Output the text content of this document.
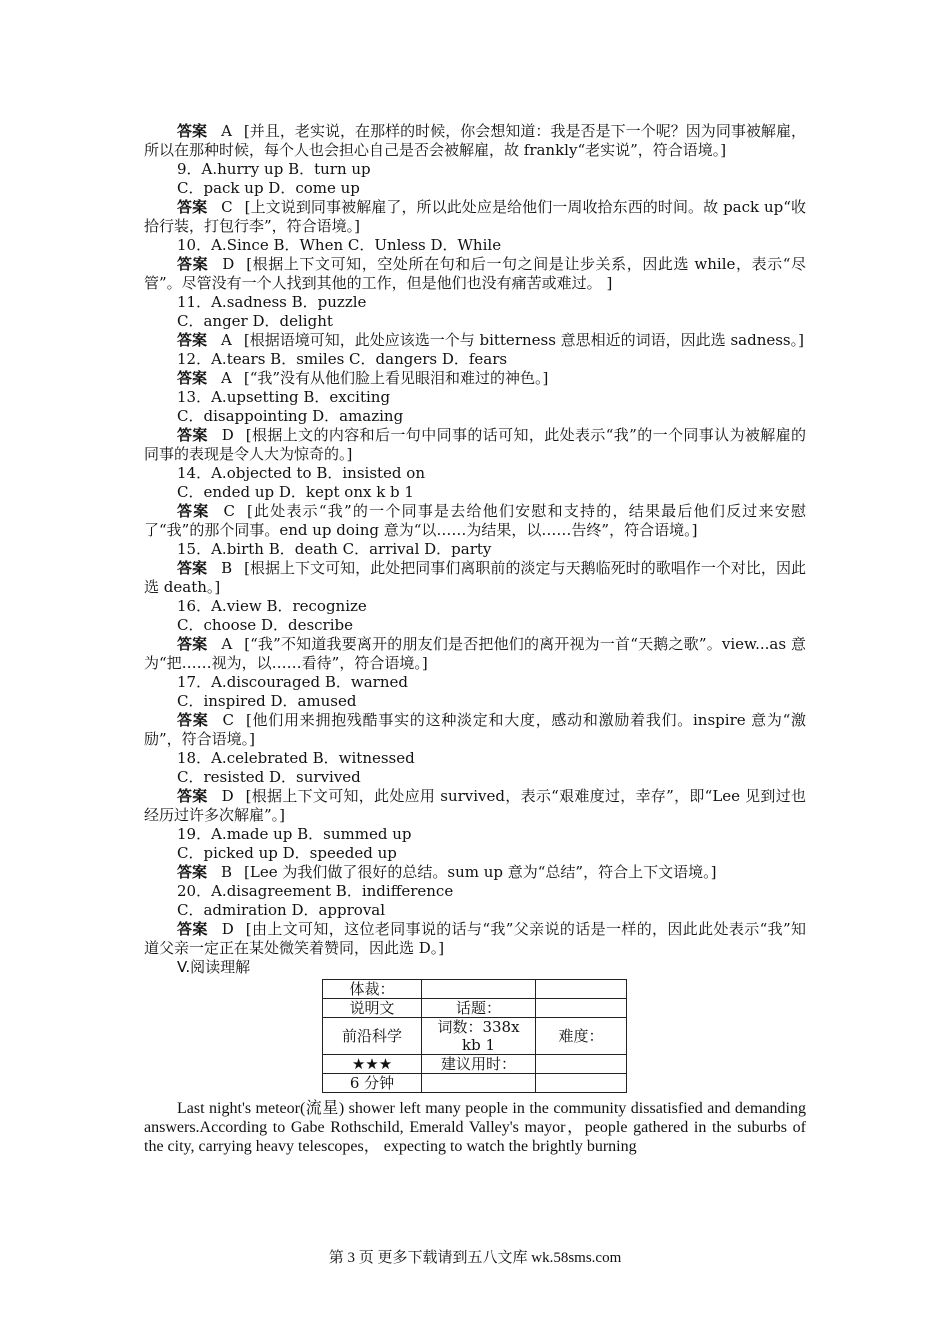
答案 A [并且，老实说，在那样的时候，你会想知道：我是否是下一个呢？因为同事被解雇，所以在那种时候，每个人也会担心自己是否会被解雇，故 frankly“老实说”，符合语境。]

9．A.hurry up B．turn up

C．pack up D．come up

答案 C [上文说到同事被解雇了，所以此处应是给他们一周收拾东西的时间。故 pack up“收拾行装，打包行李”，符合语境。]

10．A.Since B．When C．Unless D．While

答案 D [根据上下文可知，空处所在句和后一句之间是让步关系，因此选 while，表示“尽管”。尽管没有一个人找到其他的工作，但是他们也没有痛苦或难过。 ]

11．A.sadness B．puzzle

C．anger D．delight

答案 A [根据语境可知，此处应该选一个与 bitterness 意思相近的词语，因此选 sadness。]

12．A.tears B．smiles C．dangers D．fears

答案 A [“我”没有从他们脸上看见眼泪和难过的神色。]

13．A.upsetting B．exciting

C．disappointing D．amazing

答案 D [根据上文的内容和后一句中同事的话可知，此处表示“我”的一个同事认为被解雇的同事的表现是令人大为惊奇的。]

14．A.objected to B．insisted on

C．ended up D．kept onx k b 1

答案 C [此处表示“我”的一个同事是去给他们安慰和支持的，结果最后他们反过来安慰了“我”的那个同事。end up doing 意为“以……为结果，以……告终”，符合语境。]

15．A.birth B．death C．arrival D．party

答案 B [根据上下文可知，此处把同事们离职前的淡定与天鹅临死时的歌唱作一个对比，因此选 death。]

16．A.view B．recognize

C．choose D．describe

答案 A [“我”不知道我要离开的朋友们是否把他们的离开视为一首“天鹅之歌”。view...as 意为“把……视为，以……看待”，符合语境。]

17．A.discouraged B．warned

C．inspired D．amused

答案 C [他们用来拥抱残酷事实的这种淡定和大度，感动和激励着我们。inspire 意为“激励”，符合语境。]

18．A.celebrated B．witnessed

C．resisted D．survived

答案 D [根据上下文可知，此处应用 survived，表示“艰难度过，幸存”，即“Lee 见到过也经历过许多次解雇”。]

19．A.made up B．summed up

C．picked up D．speeded up

答案 B [Lee 为我们做了很好的总结。sum up 意为“总结”，符合上下文语境。]

20．A.disagreement B．indifference

C．admiration D．approval

答案 D [由上文可知，这位老同事说的话与“我”父亲说的话是一样的，因此此处表示“我”知道父亲一定正在某处微笑着赞同，因此选 D。]

V.阅读理解

体裁：		
说明文	话题：	
前沿科学	词数：338x kb 1	难度：
★★★	建议用时：	
6 分钟		

Last night's meteor(流星) shower left many people in the community dissatisfied and demanding answers.According to Gabe Rothschild, Emerald Valley's mayor，people gathered in the suburbs of the city, carrying heavy telescopes， expecting to watch the brightly burning

第 3 页 更多下载请到五八文库 wk.58sms.com
